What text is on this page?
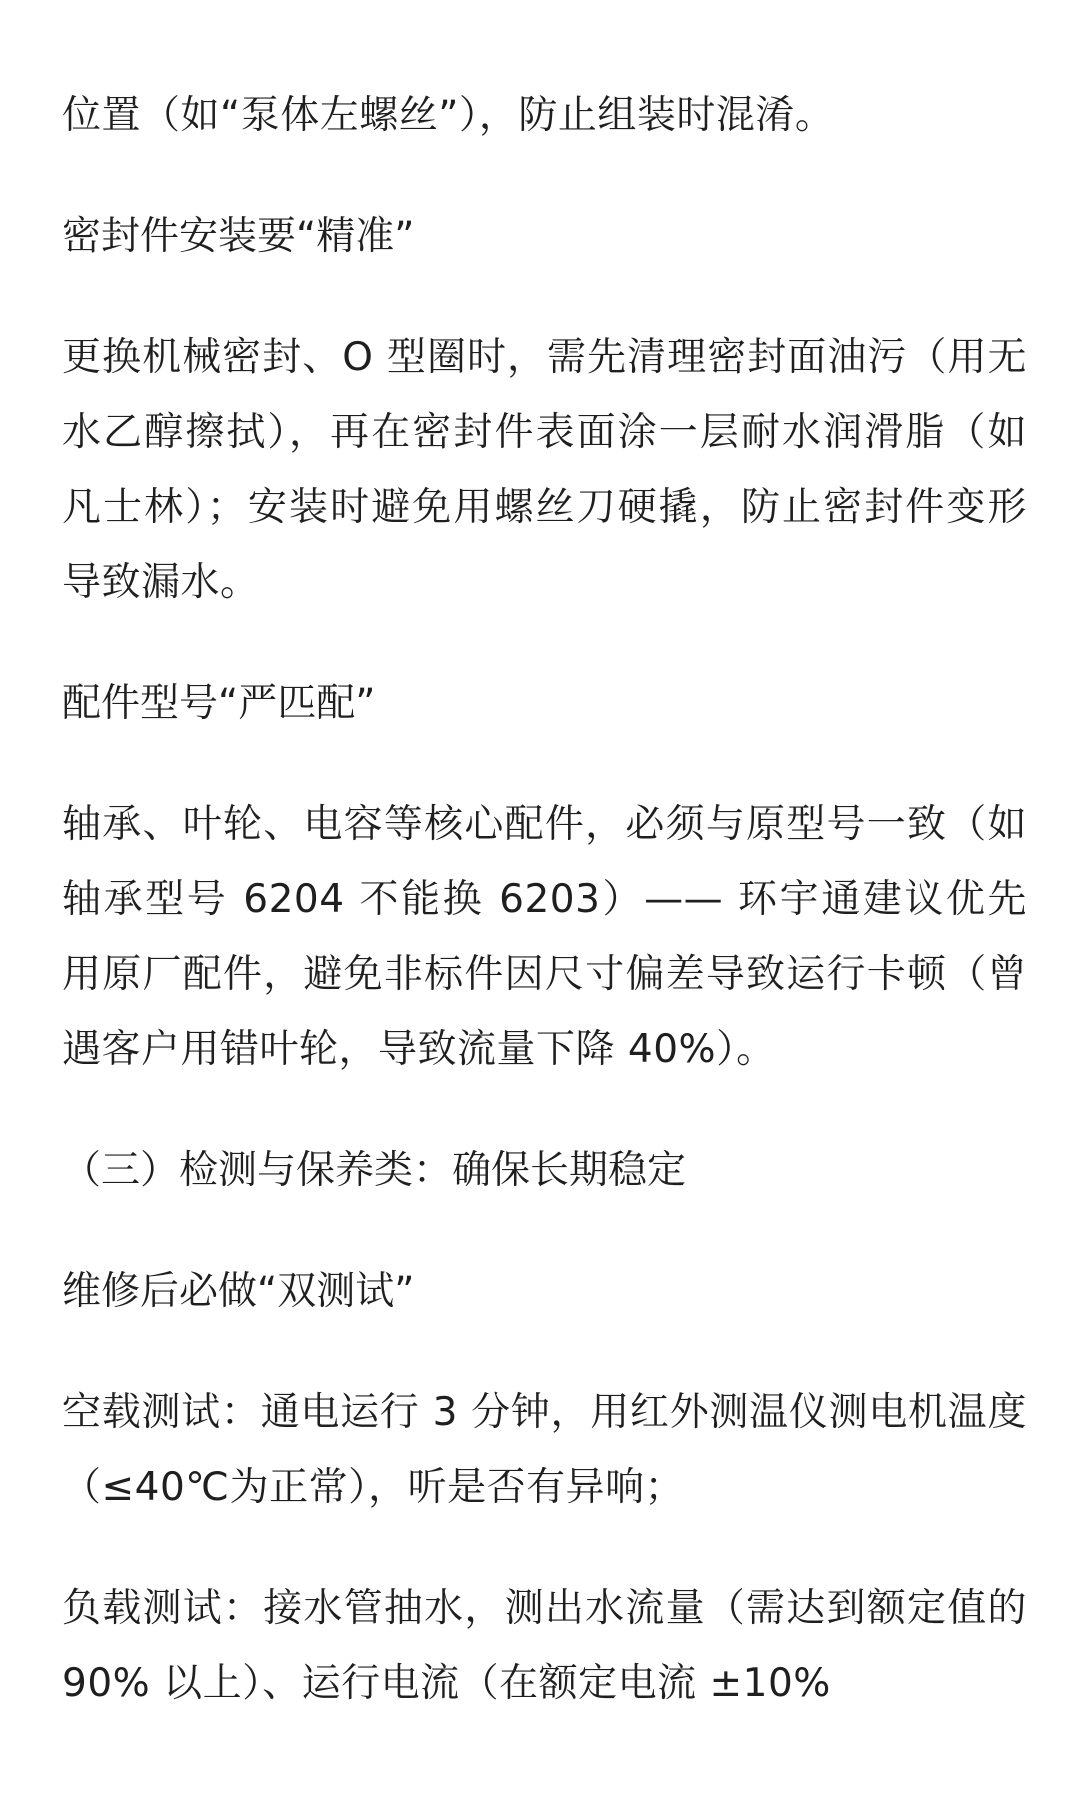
位置（如“泵体左螺丝”），防止组装时混淆。

密封件安装要“精准”

更换机械密封、O 型圈时，需先清理密封面油污（用无水乙醇擦拭），再在密封件表面涂一层耐水润滑脂（如凡士林）；安装时避免用螺丝刀硬撬，防止密封件变形导致漏水。

配件型号“严匹配”

轴承、叶轮、电容等核心配件，必须与原型号一致（如轴承型号 6204 不能换 6203）—— 环宇通建议优先用原厂配件，避免非标件因尺寸偏差导致运行卡顿（曾遇客户用错叶轮，导致流量下降 40%）。

（三）检测与保养类：确保长期稳定

维修后必做“双测试”

空载测试：通电运行 3 分钟，用红外测温仪测电机温度（≤40℃为正常），听是否有异响；

负载测试：接水管抽水，测出水流量（需达到额定值的 90% 以上）、运行电流（在额定电流 ±10%
